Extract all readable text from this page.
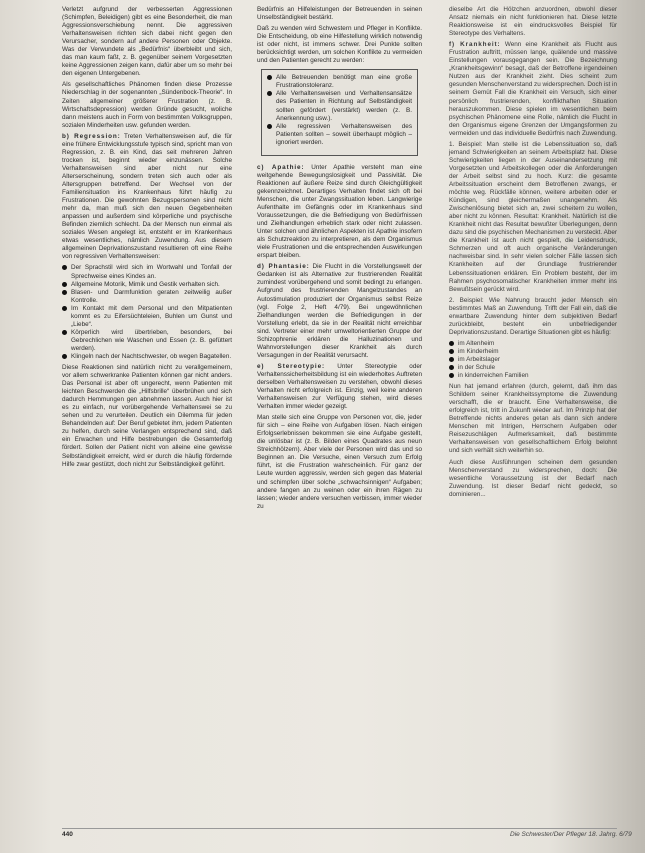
Verletzt aufgrund der verbesserten Aggressionen (Schimpfen, Beleidigen) gibt es eine Besonderheit, die man Aggressionsverschiebung nennt. Die aggressiven Verhaltensweisen richten sich dabei nicht gegen den Verursacher, sondern auf andere Personen oder Objekte. Was der Verwundete als „Bedürfnis“ überbleibt und sich, das man kaum faßt, z. B. gegenüber seinem Vorgesetzten keine Aggressionen zeigen kann, dafür aber um so mehr bei den eigenen Untergebenen.

Als gesellschaftliches Phänomen finden diese Prozesse Niederschlag in der sogenannten „Sündenbock-Theorie“. In Zeiten allgemeiner größerer Frustration (z. B. Wirtschaftsdepression) werden Gründe gesucht, woliche dann meistens auch in Form von bestimmten Volksgruppen, sozialen Minderheiten usw. gefunden werden.

b) Regression: Treten Verhaltensweisen auf, die für eine frühere Entwicklungsstufe typisch sind, spricht man von Regression, z. B. ein Kind, das seit mehreren Jahren trocken ist, beginnt wieder einzunässen. Solche Verhaltensweisen sind aber nicht nur eine Alterserscheinung, sondern treten sich auch oder als Altersgruppen betreffend. Der Wechsel von der Familiensituation ins Krankenhaus führt häufig zu Frustrationen. Die gewohnten Bezugspersonen sind nicht mehr da, man muß sich den neuen Gegebenheiten anpassen und außerdem sind körperliche und psychische Befinden ziemlich schlecht. Da der Mensch nun einmal als soziales Wesen angelegt ist, entsteht er im Krankenhaus etwas wesentliches, nämlich Zuwendung. Aus diesem allgemeinen Deprivationszustand resultieren oft eine Reihe von regressiven Verhaltensweisen:

Der Sprachstil wird sich im Wortwahl und Tonfall der Sprechweise eines Kindes an.
Allgemeine Motorik, Mimik und Gestik verhalten sich.
Blasen- und Darmfunktion geraten zeitweilig außer Kontrolle.
Im Kontakt mit dem Personal und den Mitpatienten kommt es zu Eifersüchteleien, Buhlen um Gunst und „Liebe“.
Körperlich wird übertrieben, besonders, bei Gebrechlichen wie Waschen und Essen (z. B. gefüttert werden).
Klingeln nach der Nachtschwester, ob wegen Bagatellen.

Diese Reaktionen sind natürlich nicht zu verallgemeinern, vor allem schwerkranke Patienten können gar nicht anders. Das Personal ist aber oft ungerecht, wenn Patienten mit leichten Beschwerden die „Hilfsbrille“ überbrühen und sich dadurch Hemmungen gen abnehmen lassen. Auch hier ist es zu einfach, nur vorübergehende Verhaltenswei se zu sehen und zu verurteilen. Deutlich ein Dilemma für jeden Behandelnden auf: Der Beruf gebietet ihm, jedem Patienten zu helfen, durch seine Verlangen entsprechend sind, daß ein Erwachen und Hilfe bestrebungen die Gesamterfolg fördert. Sollen der Patient nicht von alleine eine gewisse Selbständigkeit erreicht, wird er durch die häufig fördernde Hilfe zwar gestützt, doch nicht zur Selbständigkeit geführt.

Bedürfnis an Hilfeleistungen der Betreuenden in seinen Unselbständigkeit bestärkt.

Daß zu wenden wird Schwestern und Pfleger in Konflikte. Die Entscheidung, ob eine Hilfestellung wirklich notwendig ist oder nicht, ist immens schwer. Drei Punkte sollten berücksichtigt werden, um solchen Konflikte zu vermeiden und den Patienten gerecht zu werden:

Alle Betreuenden benötigt man eine große Frustrationstoleranz.
Alle Verhaltensweisen und Verhaltensansätze des Patienten in Richtung auf Selbständigkeit sollten gefördert (verstärkt) werden (z. B. Anerkennung usw.).
Alle regressiven Verhaltensweisen des Patienten sollten – soweit überhaupt möglich – ignoriert werden.

c) Apathie: Unter Apathie versteht man eine weitgehende Bewegungslosigkeit und Passivität. Die Reaktionen auf äußere Reize sind durch Gleichgültigkeit gekennzeichnet. Derartiges Verhalten findet sich oft bei Menschen, die unter Zwangssituation leben. Langwierige Aufenthalte im Gefängnis oder im Krankenhaus sind Voraussetzungen, die die Befriedigung von Bedürfnissen und Zielhandlungen erheblich stark oder nicht zulassen. Unter solchen und ähnlichen Aspekten ist Apathie insofern als Schutzreaktion zu interpretieren, als dem Organismus viele Frustrationen und die entsprechenden Auswirkungen erspart bleiben.

d) Phantasie: Die Flucht in die Vorstellungswelt der Gedanken ist als Alternative zur frustrierenden Realität zumindest vorübergehend und somit bedingt zu erlangen. Aufgrund des frustrierenden Mangelzustandes an Autostimulation produziert der Organismus selbst Reize (vgl. Folge 2, Heft 4/79). Bei ungewöhnlichen Zielhandlungen werden die Befriedigungen in der Vorstellung erlebt, da sie in der Realität nicht erreichbar sind. Vertreter einer mehr umweltorientierten Gruppe der Schizophrenie erklären die Halluzinationen und Wahnvorstellungen dieser Krankheit als durch Versagungen in der Realität verursacht.

e) Stereotypie: Unter Stereotypie oder Verhaltenssicherheitsbildung ist ein wiederholtes Auftreten derselben Verhaltensweisen zu verstehen, obwohl dieses Verhalten nicht erfolgreich ist. Einzig, weil keine anderen Verhaltensweisen zur Verfügung stehen, wird dieses Verhalten immer wieder gezeigt.

Man stelle sich eine Gruppe von Personen vor, die, jeder für sich – eine Reihe von Aufgaben lösen. Nach einigen Erfolgserlebnissen bekommen sie eine Aufgabe gestellt, die unlösbar ist (z. B. Bilden eines Quadrates aus neun Streichhölzern). Aber viele der Personen wird das und so Beginnen an. Die Versuche, einen Versuch zum Erfolg führt, ist die Frustration wahrscheinlich. Für ganz der Leute wurden aggressiv, werden sich gegen das Material und schimpfen über solche „schwachsinnigen“ Aufgaben; andere fangen an zu weinen oder ein ihren Rägen zu lassen; wieder andere versuchen verbissen, immer wieder zu

dieselbe Art die Hölzchen anzuordnen, obwohl dieser Ansatz niemals ein nicht funktionieren hat. Diese letzte Reaktionsweise ist ein eindrucksvolles Beispiel für Stereotype des Verhaltens.

f) Krankheit: Wenn eine Krankheit als Flucht aus Frustration auftritt, müssen lange, quälende und massive Einstellungen vorausgegangen sein. Die Bezeichnung „Krankheitsgewinn“ besagt, daß der Betroffene irgendeinen Nutzen aus der Krankheit zieht. Dies scheint zum gesunden Menschenverstand zu widersprechen. Doch ist in seinem Gemüt Fall die Krankheit ein Versuch, sich einer persönlich frustrierenden, konflikthaften Situation herauszukommen. Diese spielen im wesentlichen beim psychischen Phänomene eine Rolle, nämlich die Flucht in den Organismus eigene Grenzen der Umgangsformen zu vermeiden und das individuelle Bedürfnis nach Zuwendung.

1. Beispiel: Man stelle ist die Lebenssituation so, daß jemand Schwierigkeiten an seinem Arbeitsplatz hat. Diese Schwierigkeiten liegen in der Auseinandersetzung mit Vorgesetzten und Arbeitskollegen oder die Anforderungen der Arbeit selbst sind zu hoch. Kurz: die gesamte Arbeitssituation erscheint dem Betroffenen zwangs, er möchte weg. Rückfälle können, weitere arbeiten oder er Kündigen, sind gleichermaßen unangenehm. Als Zwischenlösung bietet sich an, zwei scheitern zu wollen, aber nicht zu können. Resultat: Krankheit. Natürlich ist die Krankheit nicht das Resultat bewußter Überlegungen, denn dazu sind die psychischen Mechanismen zu versteckt. Aber die Krankheit ist auch nicht gespielt, die Leidensdruck, Schmerzen und oft auch organische Veränderungen nachweisbar sind. In sehr vielen solcher Fälle lassen sich Krankheiten auf der Grundlage frustrierender Lebenssituationen erklären. Ein Problem besteht, der im Rahmen psychosomatischer Krankheiten immer mehr ins Bewußtsein gerückt wird.

2. Beispiel: Wie Nahrung braucht jeder Mensch ein bestimmtes Maß an Zuwendung. Trifft der Fall ein, daß die erwartbare Zuwendung hinter dem subjektiven Bedarf zurückbleibt, besteht ein unbefriedigender Deprivationszustand. Derartige Situationen gibt es häufig:

im Altenheim
im Kinderheim
im Arbeitslager
in der Schule
in kinderreichen Familien

Nun hat jemand erfahren (durch, gelernt, daß ihm das Schildern seiner Krankheitssymptome die Zuwendung verschafft, die er braucht. Eine Verhaltensweise, die erfolgreich ist, tritt in Zukunft wieder auf. Im Prinzip hat der Betreffende nichts anderes getan als dann sich andere Menschen mit Intrigen, Herrschern Aufgaben oder Reisezuschlägen Aufmerksamkeit, daß bestimmte Verhaltensweisen von gesellschaftlichem Erfolg belohnt und sich verhält sich weiterhin so.

Auch diese Ausführungen scheinen dem gesunden Menschenverstand zu widersprechen, doch: Die wesentliche Voraussetzung ist der Bedarf nach Zuwendung. Ist dieser Bedarf nicht gedeckt, so dominieren...

440	Die Schwester/Der Pfleger 18. Jahrg. 6/79
